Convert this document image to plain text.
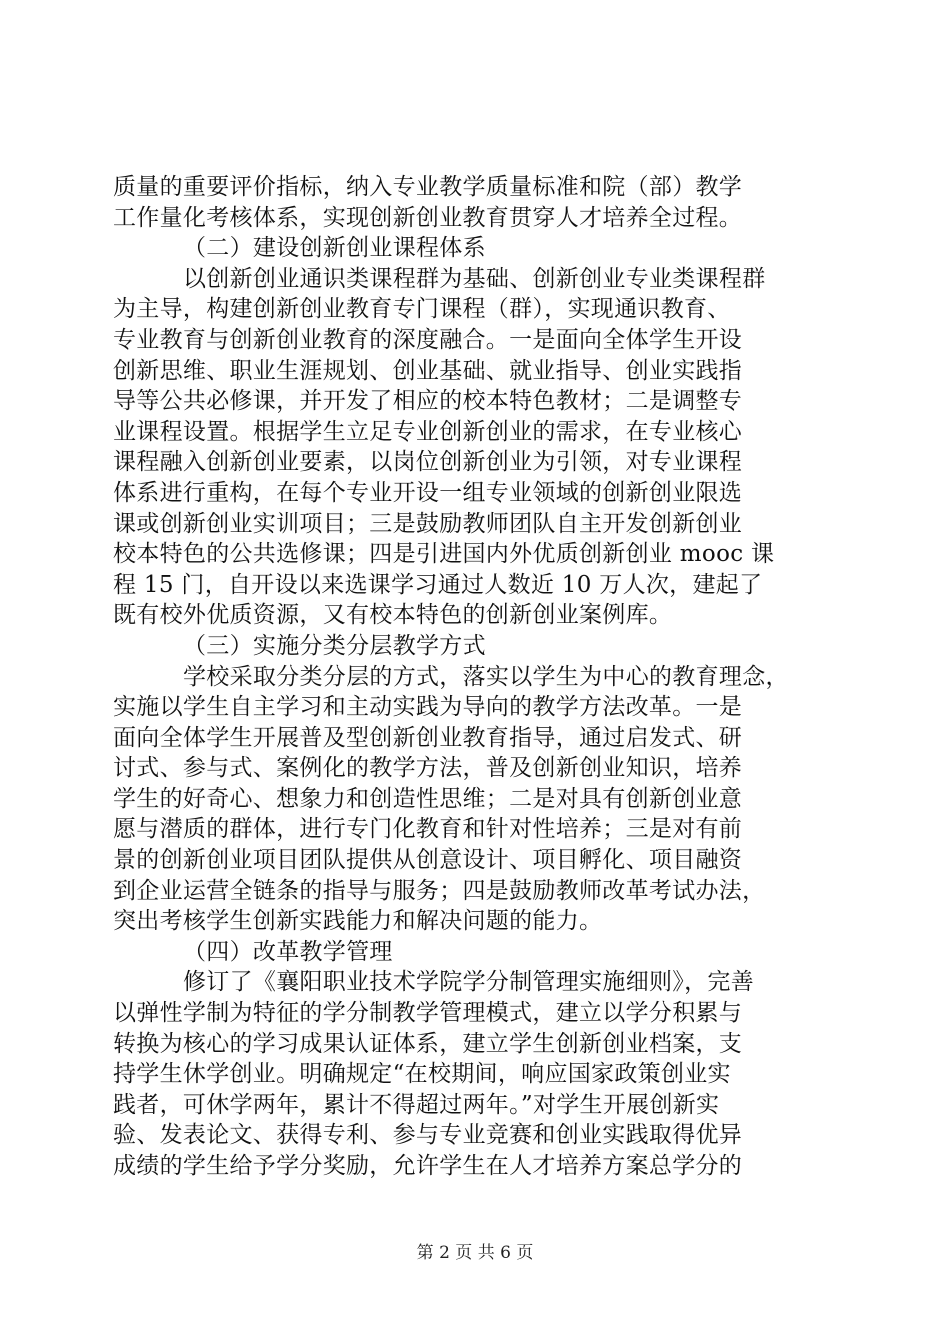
质量的重要评价指标，纳入专业教学质量标准和院（部）教学
工作量化考核体系，实现创新创业教育贯穿人才培养全过程。
（二）建设创新创业课程体系
以创新创业通识类课程群为基础、创新创业专业类课程群
为主导，构建创新创业教育专门课程（群），实现通识教育、
专业教育与创新创业教育的深度融合。一是面向全体学生开设
创新思维、职业生涯规划、创业基础、就业指导、创业实践指
导等公共必修课，并开发了相应的校本特色教材；二是调整专
业课程设置。根据学生立足专业创新创业的需求，在专业核心
课程融入创新创业要素，以岗位创新创业为引领，对专业课程
体系进行重构，在每个专业开设一组专业领域的创新创业限选
课或创新创业实训项目；三是鼓励教师团队自主开发创新创业
校本特色的公共选修课；四是引进国内外优质创新创业 mooc 课
程 15 门，自开设以来选课学习通过人数近 10 万人次，建起了
既有校外优质资源，又有校本特色的创新创业案例库。
（三）实施分类分层教学方式
学校采取分类分层的方式，落实以学生为中心的教育理念，
实施以学生自主学习和主动实践为导向的教学方法改革。一是
面向全体学生开展普及型创新创业教育指导，通过启发式、研
讨式、参与式、案例化的教学方法，普及创新创业知识，培养
学生的好奇心、想象力和创造性思维；二是对具有创新创业意
愿与潜质的群体，进行专门化教育和针对性培养；三是对有前
景的创新创业项目团队提供从创意设计、项目孵化、项目融资
到企业运营全链条的指导与服务；四是鼓励教师改革考试办法，
突出考核学生创新实践能力和解决问题的能力。
（四）改革教学管理
修订了《襄阳职业技术学院学分制管理实施细则》，完善
以弹性学制为特征的学分制教学管理模式，建立以学分积累与
转换为核心的学习成果认证体系，建立学生创新创业档案，支
持学生休学创业。明确规定“在校期间，响应国家政策创业实
践者，可休学两年，累计不得超过两年。”对学生开展创新实
验、发表论文、获得专利、参与专业竞赛和创业实践取得优异
成绩的学生给予学分奖励，允许学生在人才培养方案总学分的
第 2 页 共 6 页
